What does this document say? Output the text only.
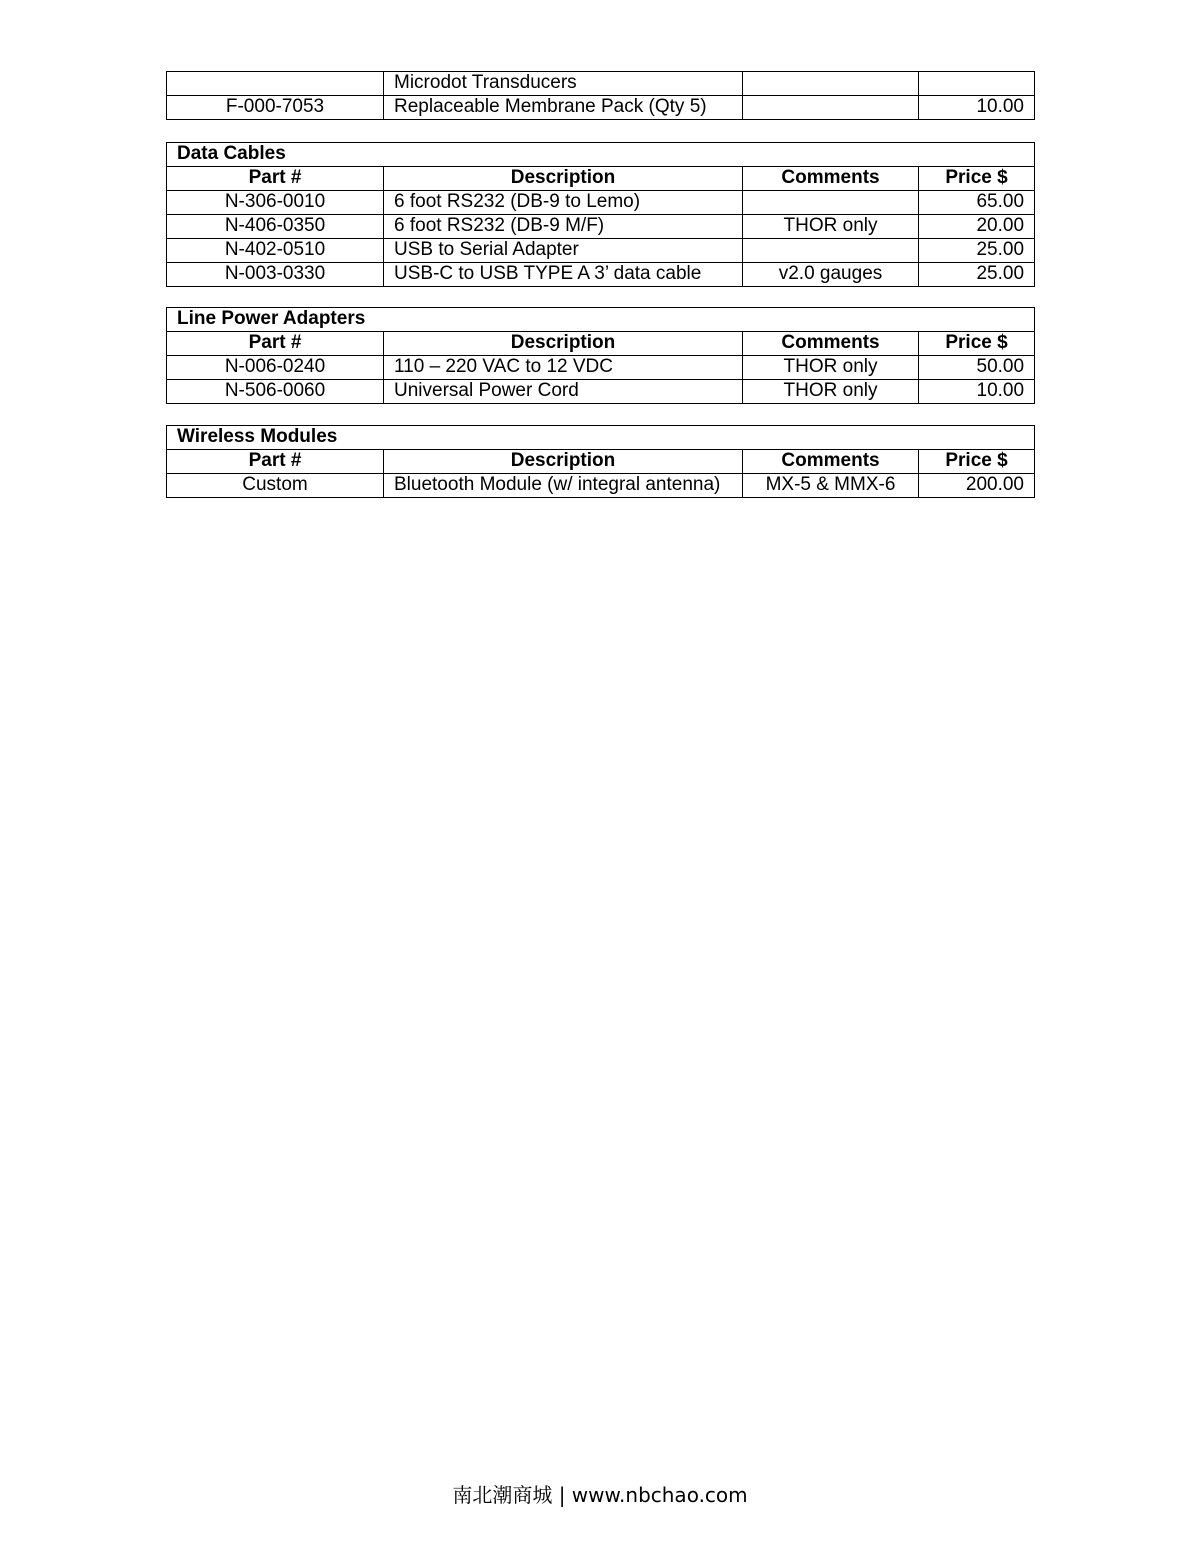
	Microdot Transducers		
F-000-7053	Replaceable Membrane Pack (Qty 5)		10.00
Data Cables			
Part #	Description	Comments	Price $
N-306-0010	6 foot RS232 (DB-9 to Lemo)		65.00
N-406-0350	6 foot RS232 (DB-9 M/F)	THOR only	20.00
N-402-0510	USB to Serial Adapter		25.00
N-003-0330	USB-C to USB TYPE A 3’ data cable	v2.0 gauges	25.00
Line Power Adapters			
Part #	Description	Comments	Price $
N-006-0240	110 – 220 VAC to 12 VDC	THOR only	50.00
N-506-0060	Universal Power Cord	THOR only	10.00
Wireless Modules			
Part #	Description	Comments	Price $
Custom	Bluetooth Module (w/ integral antenna)	MX-5 & MMX-6	200.00
南北潮商城 | www.nbchao.com
